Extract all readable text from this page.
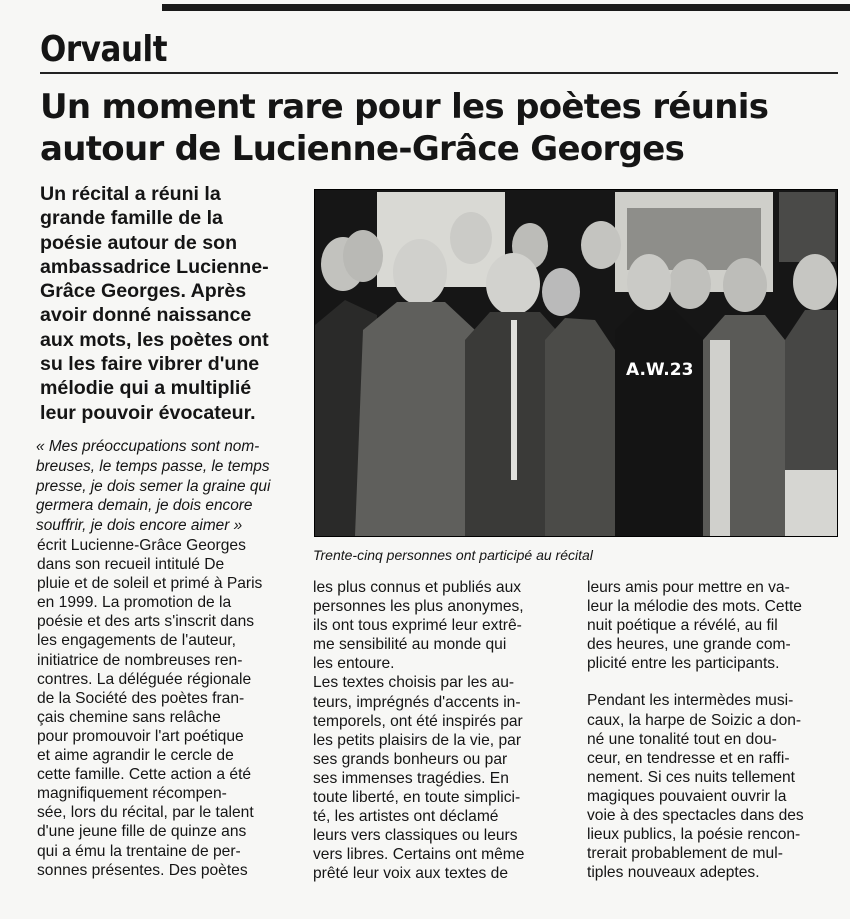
Orvault
Un moment rare pour les poètes réunis
autour de Lucienne-Grâce Georges
Un récital a réuni la
grande famille de la
poésie autour de son
ambassadrice Lucienne-
Grâce Georges. Après
avoir donné naissance
aux mots, les poètes ont
su les faire vibrer d'une
mélodie qui a multiplié
leur pouvoir évocateur.
« Mes préoccupations sont nom-
breuses, le temps passe, le temps
presse, je dois semer la graine qui
germera demain, je dois encore
souffrir, je dois encore aimer »
écrit Lucienne-Grâce Georges
dans son recueil intitulé De
pluie et de soleil et primé à Paris
en 1999. La promotion de la
poésie et des arts s'inscrit dans
les engagements de l'auteur,
initiatrice de nombreuses ren-
contres. La déléguée régionale
de la Société des poètes fran-
çais chemine sans relâche
pour promouvoir l'art poétique
et aime agrandir le cercle de
cette famille. Cette action a été
magnifiquement récompen-
sée, lors du récital, par le talent
d'une jeune fille de quinze ans
qui a ému la trentaine de per-
sonnes présentes. Des poètes
A.W.23
Trente-cinq personnes ont participé au récital
les plus connus et publiés aux
personnes les plus anonymes,
ils ont tous exprimé leur extrê-
me sensibilité au monde qui
les entoure.
Les textes choisis par les au-
teurs, imprégnés d'accents in-
temporels, ont été inspirés par
les petits plaisirs de la vie, par
ses grands bonheurs ou par
ses immenses tragédies. En
toute liberté, en toute simplici-
té, les artistes ont déclamé
leurs vers classiques ou leurs
vers libres. Certains ont même
prêté leur voix aux textes de
leurs amis pour mettre en va-
leur la mélodie des mots. Cette
nuit poétique a révélé, au fil
des heures, une grande com-
plicité entre les participants.
Pendant les intermèdes musi-
caux, la harpe de Soizic a don-
né une tonalité tout en dou-
ceur, en tendresse et en raffi-
nement. Si ces nuits tellement
magiques pouvaient ouvrir la
voie à des spectacles dans des
lieux publics, la poésie rencon-
trerait probablement de mul-
tiples nouveaux adeptes.
